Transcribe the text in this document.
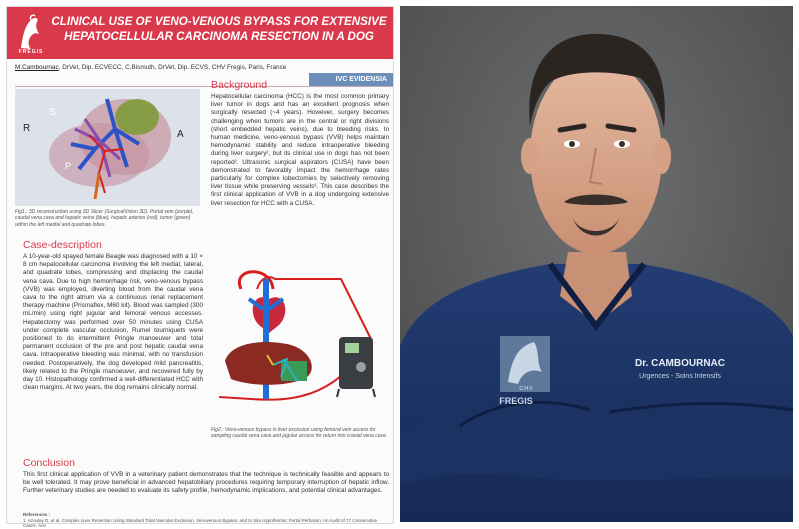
FREGIS
CLINICAL USE OF VENO-VENOUS BYPASS FOR EXTENSIVE
HEPATOCELLULAR CARCINOMA RESECTION IN A DOG
M.Cambournac, DrVet, Dip. ECVECC, C.Bismuth, DrVet, Dip. ECVS, CHV Fregis, Paris, France
IVC EVIDENSIA
R
S
A
P
Fig1.: 3D reconstruction using 3D Slicer (SurgicalVision 3D). Portal vein (purple), caudal vena cava and hepatic veins (blue), hepatic arteries (red), tumor (green) within the left medial and quadrate lobes.
Background

Hepatocellular carcinoma (HCC) is the most common primary liver tumor in dogs and has an excellent prognosis when surgically resected (~4 years). However, surgery becomes challenging when tumors are in the central or right divisions (short embedded hepatic veins), due to bleeding risks. In human medicine, veno-venous bypass (VVB) helps maintain hemodynamic stability and reduce intraoperative bleeding during liver surgery², but its clinical use in dogs has not been reported². Ultrasonic surgical aspirators (CUSA) have been demonstrated to favorably impact the hemorrhage rates particularly for complex lobectomies by selectively removing liver tissue while preserving vessels³. This case describes the first clinical application of VVB in a dog undergoing extensive liver resection for HCC with a CUSA.

Case-description

A 10-year-old spayed female Beagle was diagnosed with a 10 × 8 cm hepatocellular carcinoma involving the left medial, lateral, and quadrate lobes, compressing and displacing the caudal vena cava. Due to high hemorrhage risk, veno-venous bypass (VVB) was employed, diverting blood from the caudal vena cava to the right atrium via a continuous renal replacement therapy machine (Prismaflex, M60 kit). Blood was sampled (300 mL/min) using right jugular and femoral venous accesses. Hepatectomy was performed over 50 minutes using CUSA under complete vascular occlusion, Rumel tourniquets were positioned to do intermittent Pringle manoeuver and total permanent occlusion of the pre and post hepatic caudal vena cava. Intraoperative bleeding was minimal, with no transfusion needed. Postoperatively, the dog developed mild pancreatitis, likely related to the Pringle manoeuver, and recovered fully by day 10. Histopathology confirmed a well-differentiated HCC with clean margins. At two years, the dog remains clinically normal.

Fig2.: Veno-venous bypass in liver exclusion using femoral vein access for sampling caudal vena cava and jugular access for return into cranial vena cava
Conclusion

This first clinical application of VVB in a veterinary patient demonstrates that the technique is technically feasible and appears to be well tolerated. It may prove beneficial in advanced hepatobiliary procedures requiring temporary interruption of hepatic inflow. Further veterinary studies are needed to evaluate its safety profile, hemodynamic implications, and potential clinical advantages.

References :
1. Azoulay D, et al. Complex Liver Resection Using Standard Total Vascular Exclusion, Venovenous Bypass, and In Situ Hypothermic Portal Perfusion: An Audit of 77 Consecutive Cases. Ann
C.H.V
FREGIS
Dr. CAMBOURNAC
Urgences - Soins Intensifs
